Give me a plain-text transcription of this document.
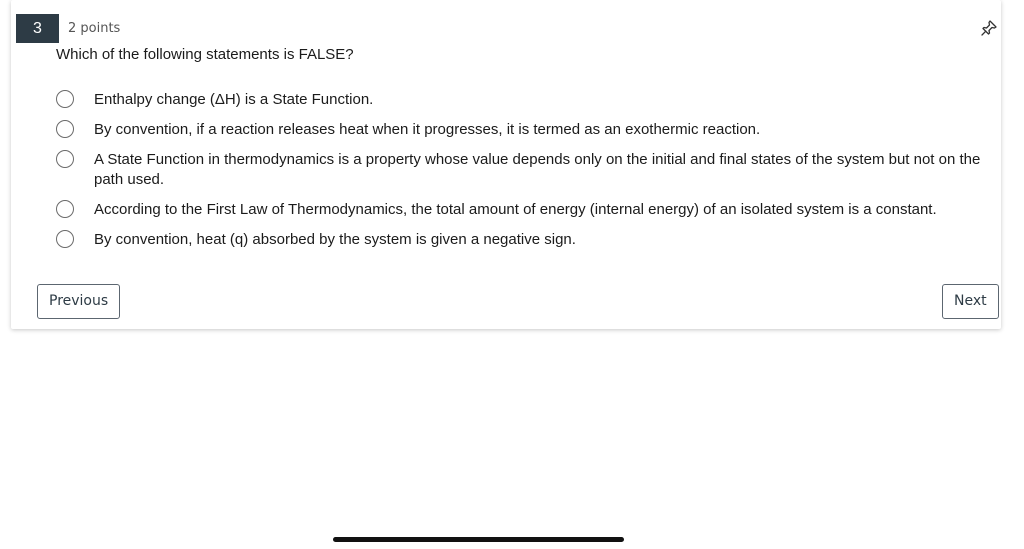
3	2 points
Which of the following statements is FALSE?
Enthalpy change (ΔH) is a State Function.
By convention, if a reaction releases heat when it progresses, it is termed as an exothermic reaction.
A State Function in thermodynamics is a property whose value depends only on the initial and final states of the system but not on the path used.
According to the First Law of Thermodynamics, the total amount of energy (internal energy) of an isolated system is a constant.
By convention, heat (q) absorbed by the system is given a negative sign.
Previous	Next
